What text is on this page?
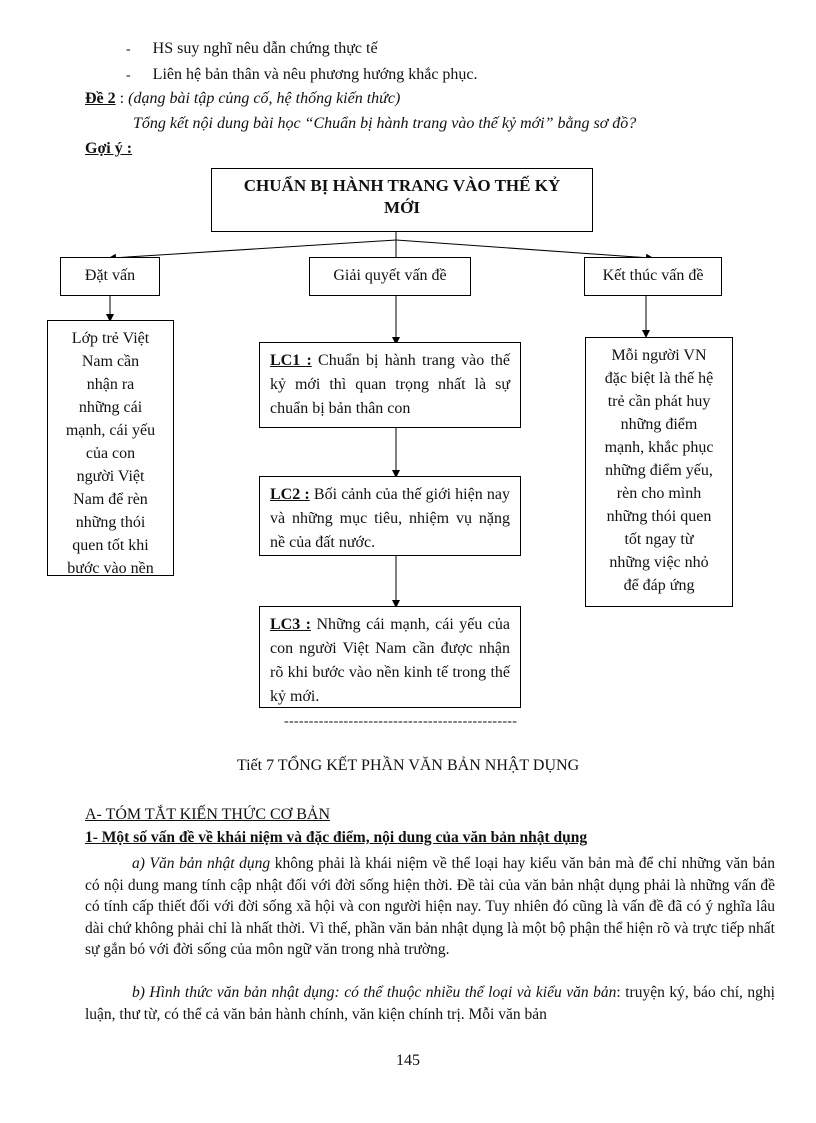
- HS suy nghĩ nêu dẫn chứng thực tế
- Liên hệ bản thân và nêu phương hướng khắc phục.
Đề 2 : (dạng bài tập củng cố, hệ thống kiến thức)
Tổng kết nội dung bài học “Chuẩn bị hành trang vào thế kỷ mới” bằng sơ đồ?
Gợi ý :
CHUẨN BỊ HÀNH TRANG VÀO THẾ KỶ
MỚI
Đặt vấn	Giải quyết vấn đề	Kết thúc vấn đề
Lớp trẻ Việt
Nam cần
nhận ra
những cái
mạnh, cái yếu
của con
người Việt
Nam để rèn
những thói
quen tốt khi
bước vào nền
LC1 : Chuẩn bị hành trang vào thế kỷ mới thì quan trọng nhất là sự chuẩn bị bản thân con
LC2 : Bối cảnh của thế giới hiện nay và những mục tiêu, nhiệm vụ nặng nề của đất nước.
LC3 : Những cái mạnh, cái yếu của con người Việt Nam cần được nhận rõ khi bước vào nền kinh tế trong thế kỷ mới.
Mỗi người VN
đặc biệt là thế hệ
trẻ cần phát huy
những điểm
mạnh, khắc phục
những điểm yếu,
rèn cho mình
những thói quen
tốt ngay từ
những việc nhỏ
để đáp ứng
-----------------------------------------------
Tiết 7 TỔNG KẾT PHẦN VĂN BẢN NHẬT DỤNG
A- TÓM TẮT KIẾN THỨC CƠ BẢN
1- Một số vấn đề về khái niệm và đặc điểm, nội dung của văn bản nhật dụng
a) Văn bản nhật dụng không phải là khái niệm về thể loại hay kiểu văn bản mà để chỉ những văn bản có nội dung mang tính cập nhật đối với đời sống hiện thời. Đề tài của văn bản nhật dụng phải là những vấn đề có tính cấp thiết đối với đời sống xã hội và con người hiện nay. Tuy nhiên đó cũng là vấn đề đã có ý nghĩa lâu dài chứ không phải chỉ là nhất thời. Vì thế, phần văn bản nhật dụng là một bộ phận thể hiện rõ và trực tiếp nhất sự gắn bó với đời sống của môn ngữ văn trong nhà trường.
b) Hình thức văn bản nhật dụng: có thể thuộc nhiều thể loại và kiểu văn bản: truyện ký, báo chí, nghị luận, thư từ, có thể cả văn bản hành chính, văn kiện chính trị. Mỗi văn bản
145
